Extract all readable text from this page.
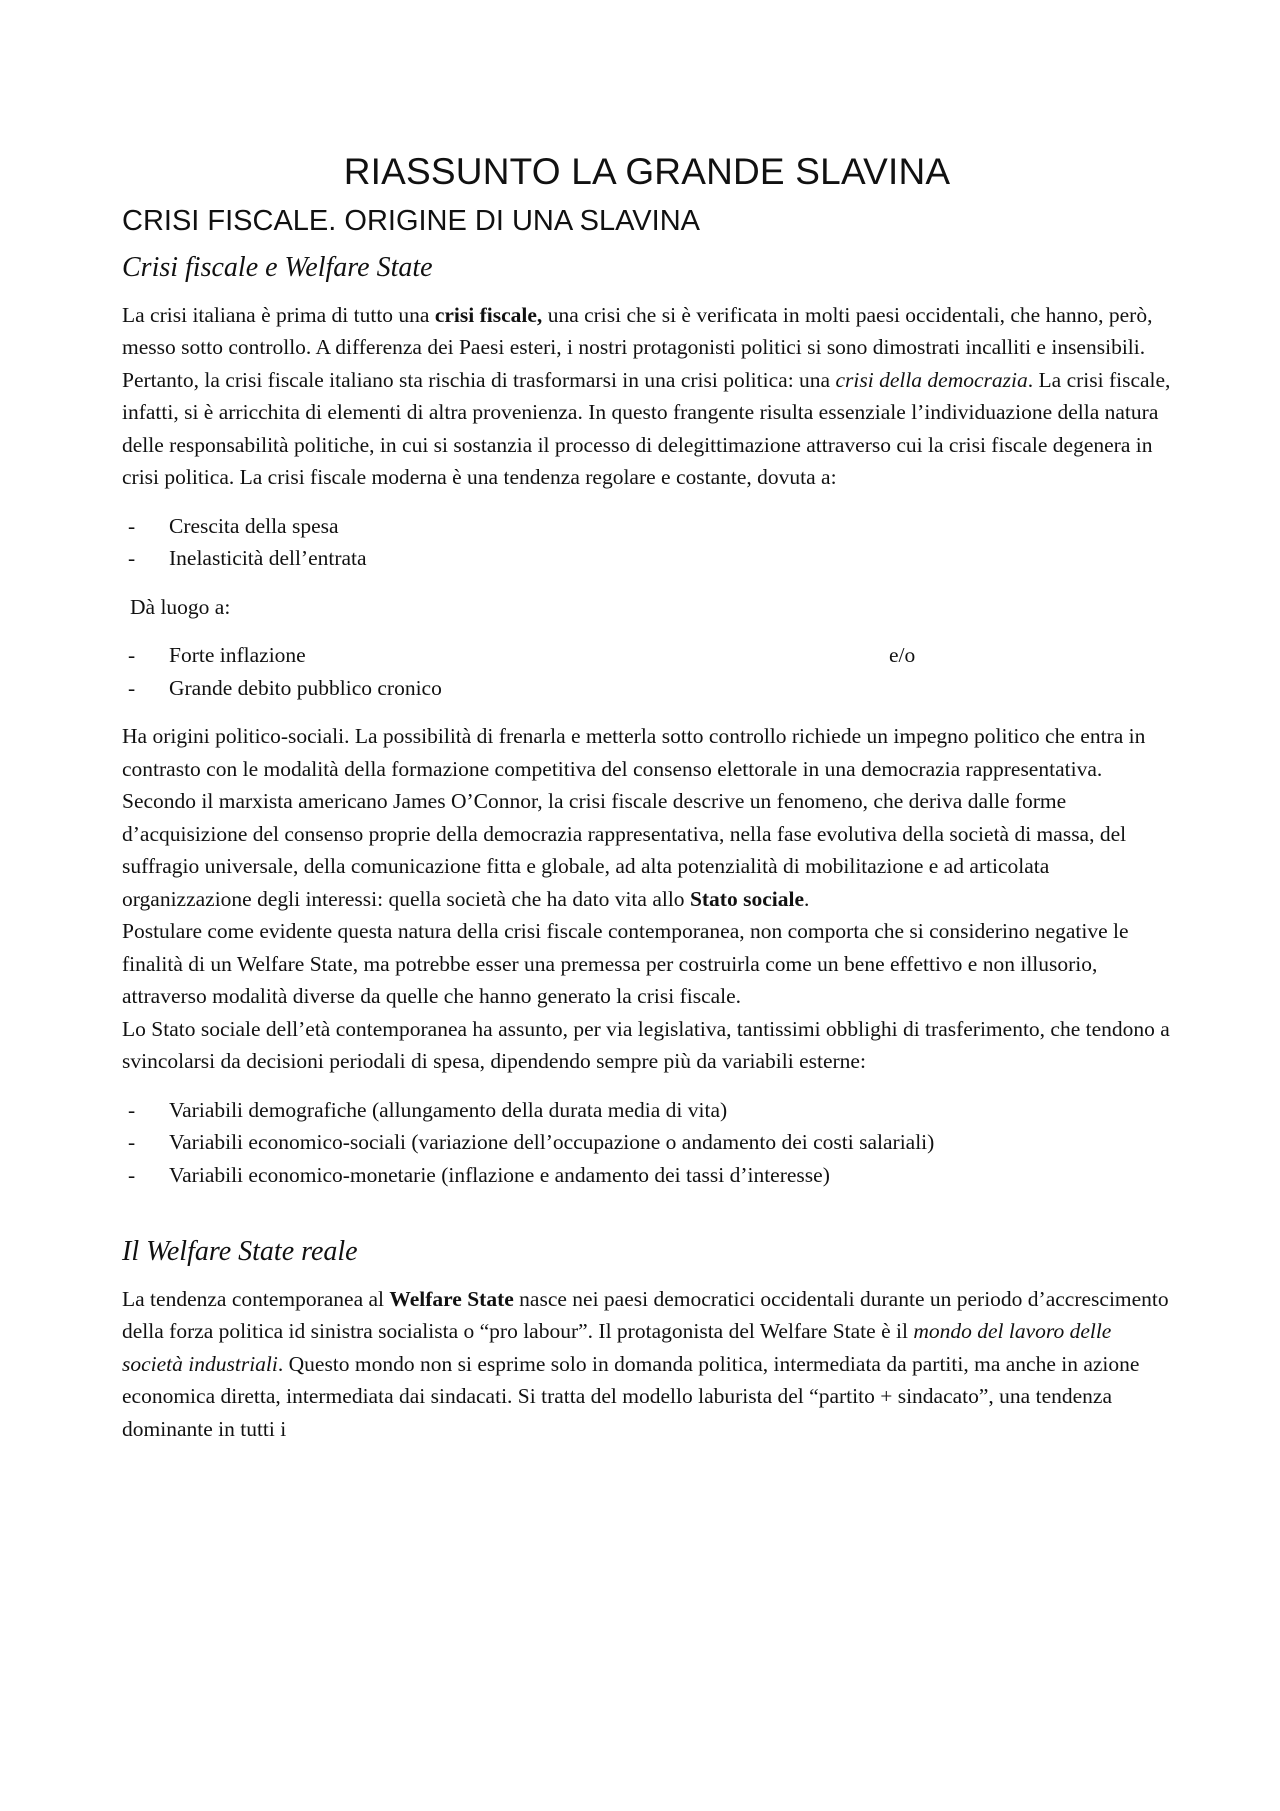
RIASSUNTO LA GRANDE SLAVINA
CRISI FISCALE. ORIGINE DI UNA SLAVINA
Crisi fiscale e Welfare State

La crisi italiana è prima di tutto una crisi fiscale, una crisi che si è verificata in molti paesi occidentali, che hanno, però, messo sotto controllo. A differenza dei Paesi esteri, i nostri protagonisti politici si sono dimostrati incalliti e insensibili. Pertanto, la crisi fiscale italiano sta rischia di trasformarsi in una crisi politica: una crisi della democrazia. La crisi fiscale, infatti, si è arricchita di elementi di altra provenienza. In questo frangente risulta essenziale l’individuazione della natura delle responsabilità politiche, in cui si sostanzia il processo di delegittimazione attraverso cui la crisi fiscale degenera in crisi politica. La crisi fiscale moderna è una tendenza regolare e costante, dovuta a:

- Crescita della spesa
- Inelasticità dell’entrata

Dà luogo a:

- Forte inflazione	e/o
- Grande debito pubblico cronico

Ha origini politico-sociali. La possibilità di frenarla e metterla sotto controllo richiede un impegno politico che entra in contrasto con le modalità della formazione competitiva del consenso elettorale in una democrazia rappresentativa. Secondo il marxista americano James O’Connor, la crisi fiscale descrive un fenomeno, che deriva dalle forme d’acquisizione del consenso proprie della democrazia rappresentativa, nella fase evolutiva della società di massa, del suffragio universale, della comunicazione fitta e globale, ad alta potenzialità di mobilitazione e ad articolata organizzazione degli interessi: quella società che ha dato vita allo Stato sociale.

Postulare come evidente questa natura della crisi fiscale contemporanea, non comporta che si considerino negative le finalità di un Welfare State, ma potrebbe esser una premessa per costruirla come un bene effettivo e non illusorio, attraverso modalità diverse da quelle che hanno generato la crisi fiscale.

Lo Stato sociale dell’età contemporanea ha assunto, per via legislativa, tantissimi obblighi di trasferimento, che tendono a svincolarsi da decisioni periodali di spesa, dipendendo sempre più da variabili esterne:

- Variabili demografiche (allungamento della durata media di vita)
- Variabili economico-sociali (variazione dell’occupazione o andamento dei costi salariali)
- Variabili economico-monetarie (inflazione e andamento dei tassi d’interesse)
Il Welfare State reale

La tendenza contemporanea al Welfare State nasce nei paesi democratici occidentali durante un periodo d’accrescimento della forza politica id sinistra socialista o “pro labour”. Il protagonista del Welfare State è il mondo del lavoro delle società industriali. Questo mondo non si esprime solo in domanda politica, intermediata da partiti, ma anche in azione economica diretta, intermediata dai sindacati. Si tratta del modello laburista del “partito + sindacato”, una tendenza dominante in tutti i
